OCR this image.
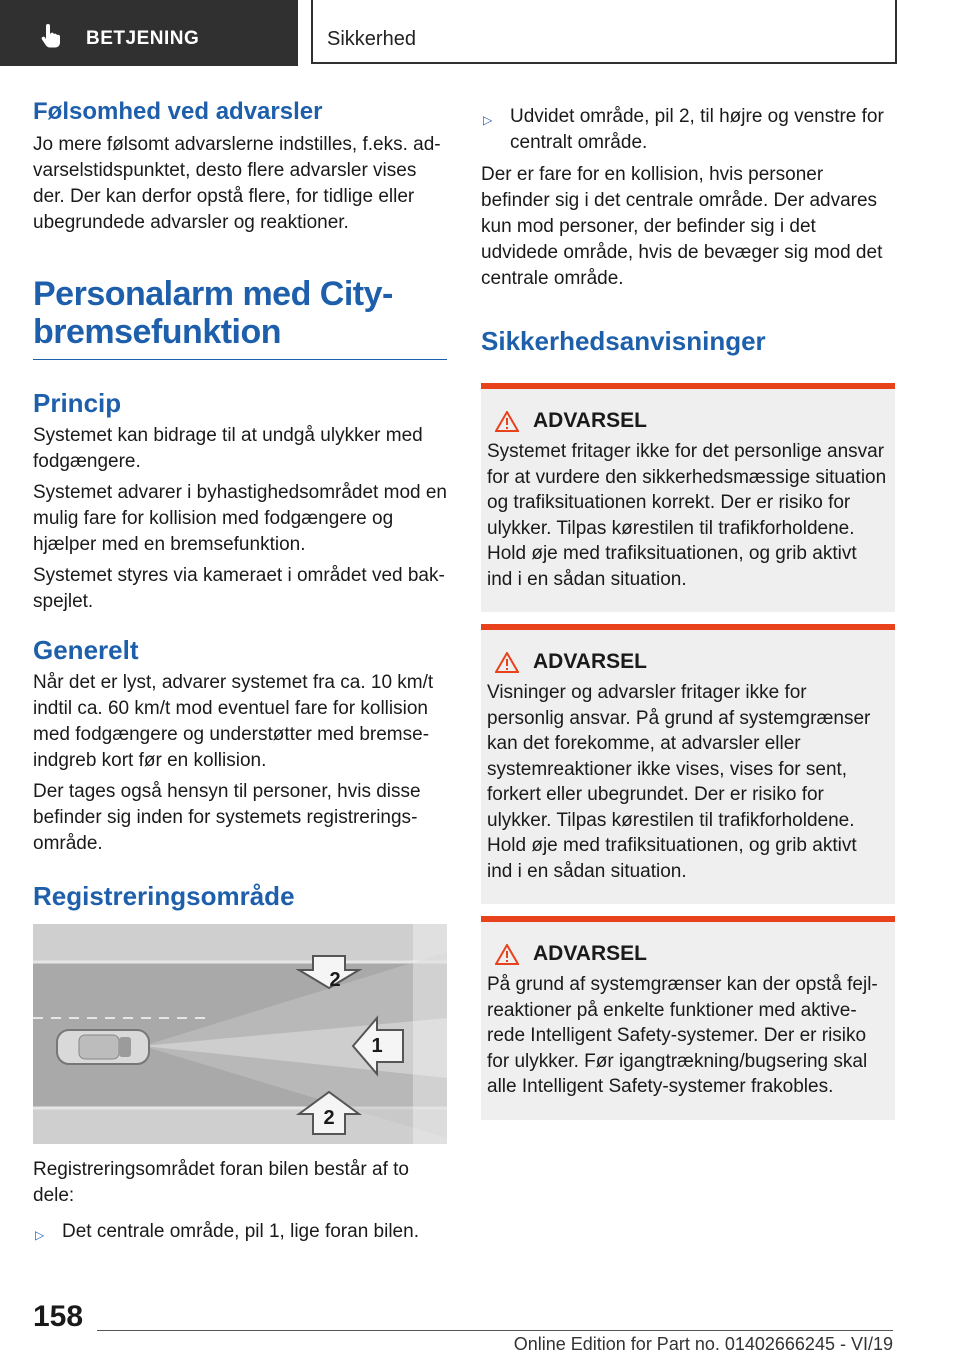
BETJENING	Sikkerhed
Følsomhed ved advarsler

Jo mere følsomt advarslerne indstilles, f.eks. advarselstidspunktet, desto flere advarsler vises der. Der kan derfor opstå flere, for tidlige eller ubegrundede advarsler og reaktioner.

Personalarm med City-
bremsefunktion
Princip

Systemet kan bidrage til at undgå ulykker med fodgængere.

Systemet advarer i byhastighedsområdet mod en mulig fare for kollision med fodgængere og hjælper med en bremsefunktion.

Systemet styres via kameraet i området ved bakspejlet.

Generelt

Når det er lyst, advarer systemet fra ca. 10 km/t indtil ca. 60 km/t mod eventuel fare for kollision med fodgængere og understøtter med bremseindgreb kort før en kollision.

Der tages også hensyn til personer, hvis disse befinder sig inden for systemets registreringsområde.

Registreringsområde
2
1
2

Registreringsområdet foran bilen består af to dele:

▷ Det centrale område, pil 1, lige foran bilen.
▷ Udvidet område, pil 2, til højre og venstre for centralt område.

Der er fare for en kollision, hvis personer befinder sig i det centrale område. Der advares kun mod personer, der befinder sig i det udvidede område, hvis de bevæger sig mod det centrale område.

Sikkerhedsanvisninger
ADVARSEL

Systemet fritager ikke for det personlige ansvar for at vurdere den sikkerhedsmæssige situation og trafiksituationen korrekt. Der er risiko for ulykker. Tilpas kørestilen til trafikforholdene. Hold øje med trafiksituationen, og grib aktivt ind i en sådan situation.

ADVARSEL

Visninger og advarsler fritager ikke for personlig ansvar. På grund af systemgrænser kan det forekomme, at advarsler eller systemreaktioner ikke vises, vises for sent, forkert eller ubegrundet. Der er risiko for ulykker. Tilpas kørestilen til trafikforholdene. Hold øje med trafiksituationen, og grib aktivt ind i en sådan situation.

ADVARSEL

På grund af systemgrænser kan der opstå fejlreaktioner på enkelte funktioner med aktiverede Intelligent Safety-systemer. Der er risiko for ulykker. Før igangtrækning/bugsering skal alle Intelligent Safety-systemer frakobles.

158
Online Edition for Part no. 01402666245 - VI/19
